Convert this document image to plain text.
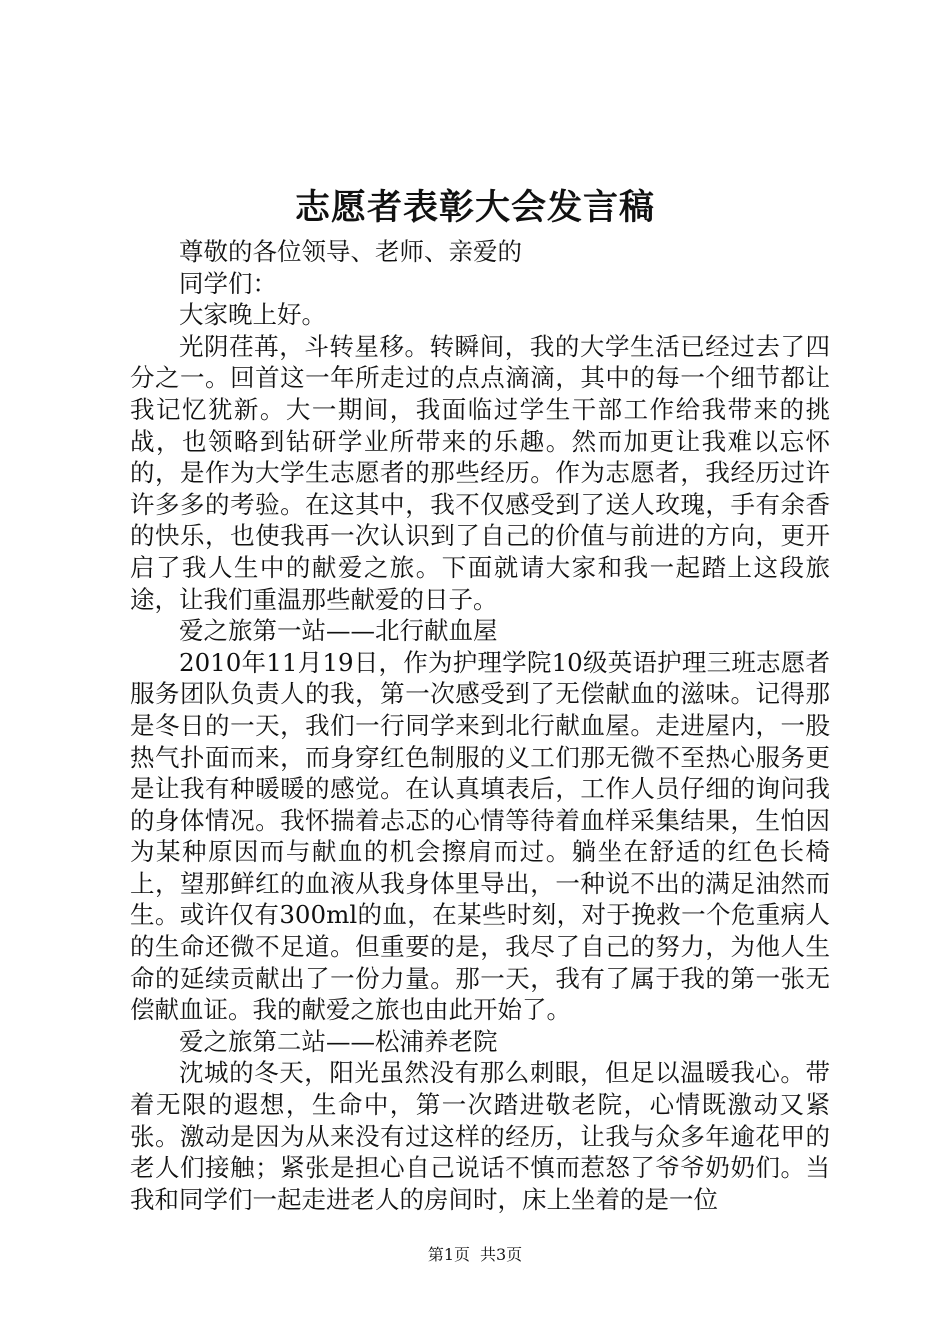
志愿者表彰大会发言稿

尊敬的各位领导、老师、亲爱的

同学们：

大家晚上好。

光阴荏苒，斗转星移。转瞬间，我的大学生活已经过去了四分之一。回首这一年所走过的点点滴滴，其中的每一个细节都让我记忆犹新。大一期间，我面临过学生干部工作给我带来的挑战，也领略到钻研学业所带来的乐趣。然而加更让我难以忘怀的，是作为大学生志愿者的那些经历。作为志愿者，我经历过许许多多的考验。在这其中，我不仅感受到了送人玫瑰，手有余香的快乐，也使我再一次认识到了自己的价值与前进的方向，更开启了我人生中的献爱之旅。下面就请大家和我一起踏上这段旅途，让我们重温那些献爱的日子。

爱之旅第一站——北行献血屋

2010年11月19日，作为护理学院10级英语护理三班志愿者服务团队负责人的我，第一次感受到了无偿献血的滋味。记得那是冬日的一天，我们一行同学来到北行献血屋。走进屋内，一股热气扑面而来，而身穿红色制服的义工们那无微不至热心服务更是让我有种暖暖的感觉。在认真填表后，工作人员仔细的询问我的身体情况。我怀揣着忐忑的心情等待着血样采集结果，生怕因为某种原因而与献血的机会擦肩而过。躺坐在舒适的红色长椅上，望那鲜红的血液从我身体里导出，一种说不出的满足油然而生。或许仅有300ml的血，在某些时刻，对于挽救一个危重病人的生命还微不足道。但重要的是，我尽了自己的努力，为他人生命的延续贡献出了一份力量。那一天，我有了属于我的第一张无偿献血证。我的献爱之旅也由此开始了。

爱之旅第二站——松浦养老院

沈城的冬天，阳光虽然没有那么刺眼，但足以温暖我心。带着无限的遐想，生命中，第一次踏进敬老院，心情既激动又紧张。激动是因为从来没有过这样的经历，让我与众多年逾花甲的老人们接触；紧张是担心自己说话不慎而惹怒了爷爷奶奶们。当我和同学们一起走进老人的房间时，床上坐着的是一位

第1页 共3页
